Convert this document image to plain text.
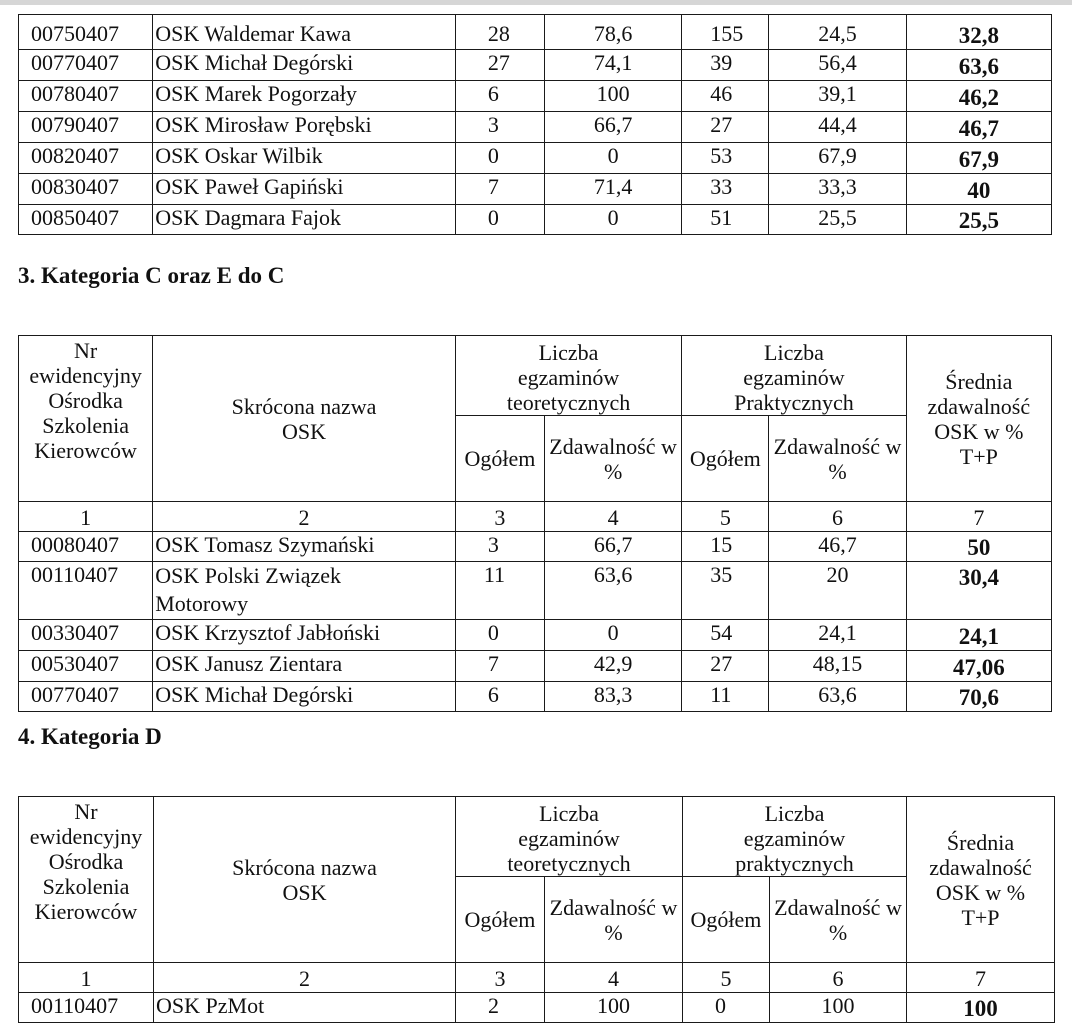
00750407	OSK Waldemar Kawa	28	78,6	155	24,5	32,8
00770407	OSK Michał Degórski	27	74,1	39	56,4	63,6
00780407	OSK Marek Pogorzały	6	100	46	39,1	46,2
00790407	OSK Mirosław Porębski	3	66,7	27	44,4	46,7
00820407	OSK Oskar Wilbik	0	0	53	67,9	67,9
00830407	OSK Paweł Gapiński	7	71,4	33	33,3	40
00850407	OSK Dagmara Fajok	0	0	51	25,5	25,5
3. Kategoria C oraz E do C
Nr ewidencyjny Ośrodka Szkolenia Kierowców	Skrócona nazwa OSK	Liczba egzaminów teoretycznych		Liczba egzaminów Praktycznych		Średnia zdawalność OSK w % T+P
		Ogółem	Zdawalność w %	Ogółem	Zdawalność w %	
1	2	3	4	5	6	7
00080407	OSK Tomasz Szymański	3	66,7	15	46,7	50
00110407	OSK Polski Związek Motorowy	11	63,6	35	20	30,4
00330407	OSK Krzysztof Jabłoński	0	0	54	24,1	24,1
00530407	OSK Janusz Zientara	7	42,9	27	48,15	47,06
00770407	OSK Michał Degórski	6	83,3	11	63,6	70,6
4. Kategoria D
Nr ewidencyjny Ośrodka Szkolenia Kierowców	Skrócona nazwa OSK	Liczba egzaminów teoretycznych		Liczba egzaminów praktycznych		Średnia zdawalność OSK w % T+P
		Ogółem	Zdawalność w %	Ogółem	Zdawalność w %	
1	2	3	4	5	6	7
00110407	OSK PzMot	2	100	0	100	100
